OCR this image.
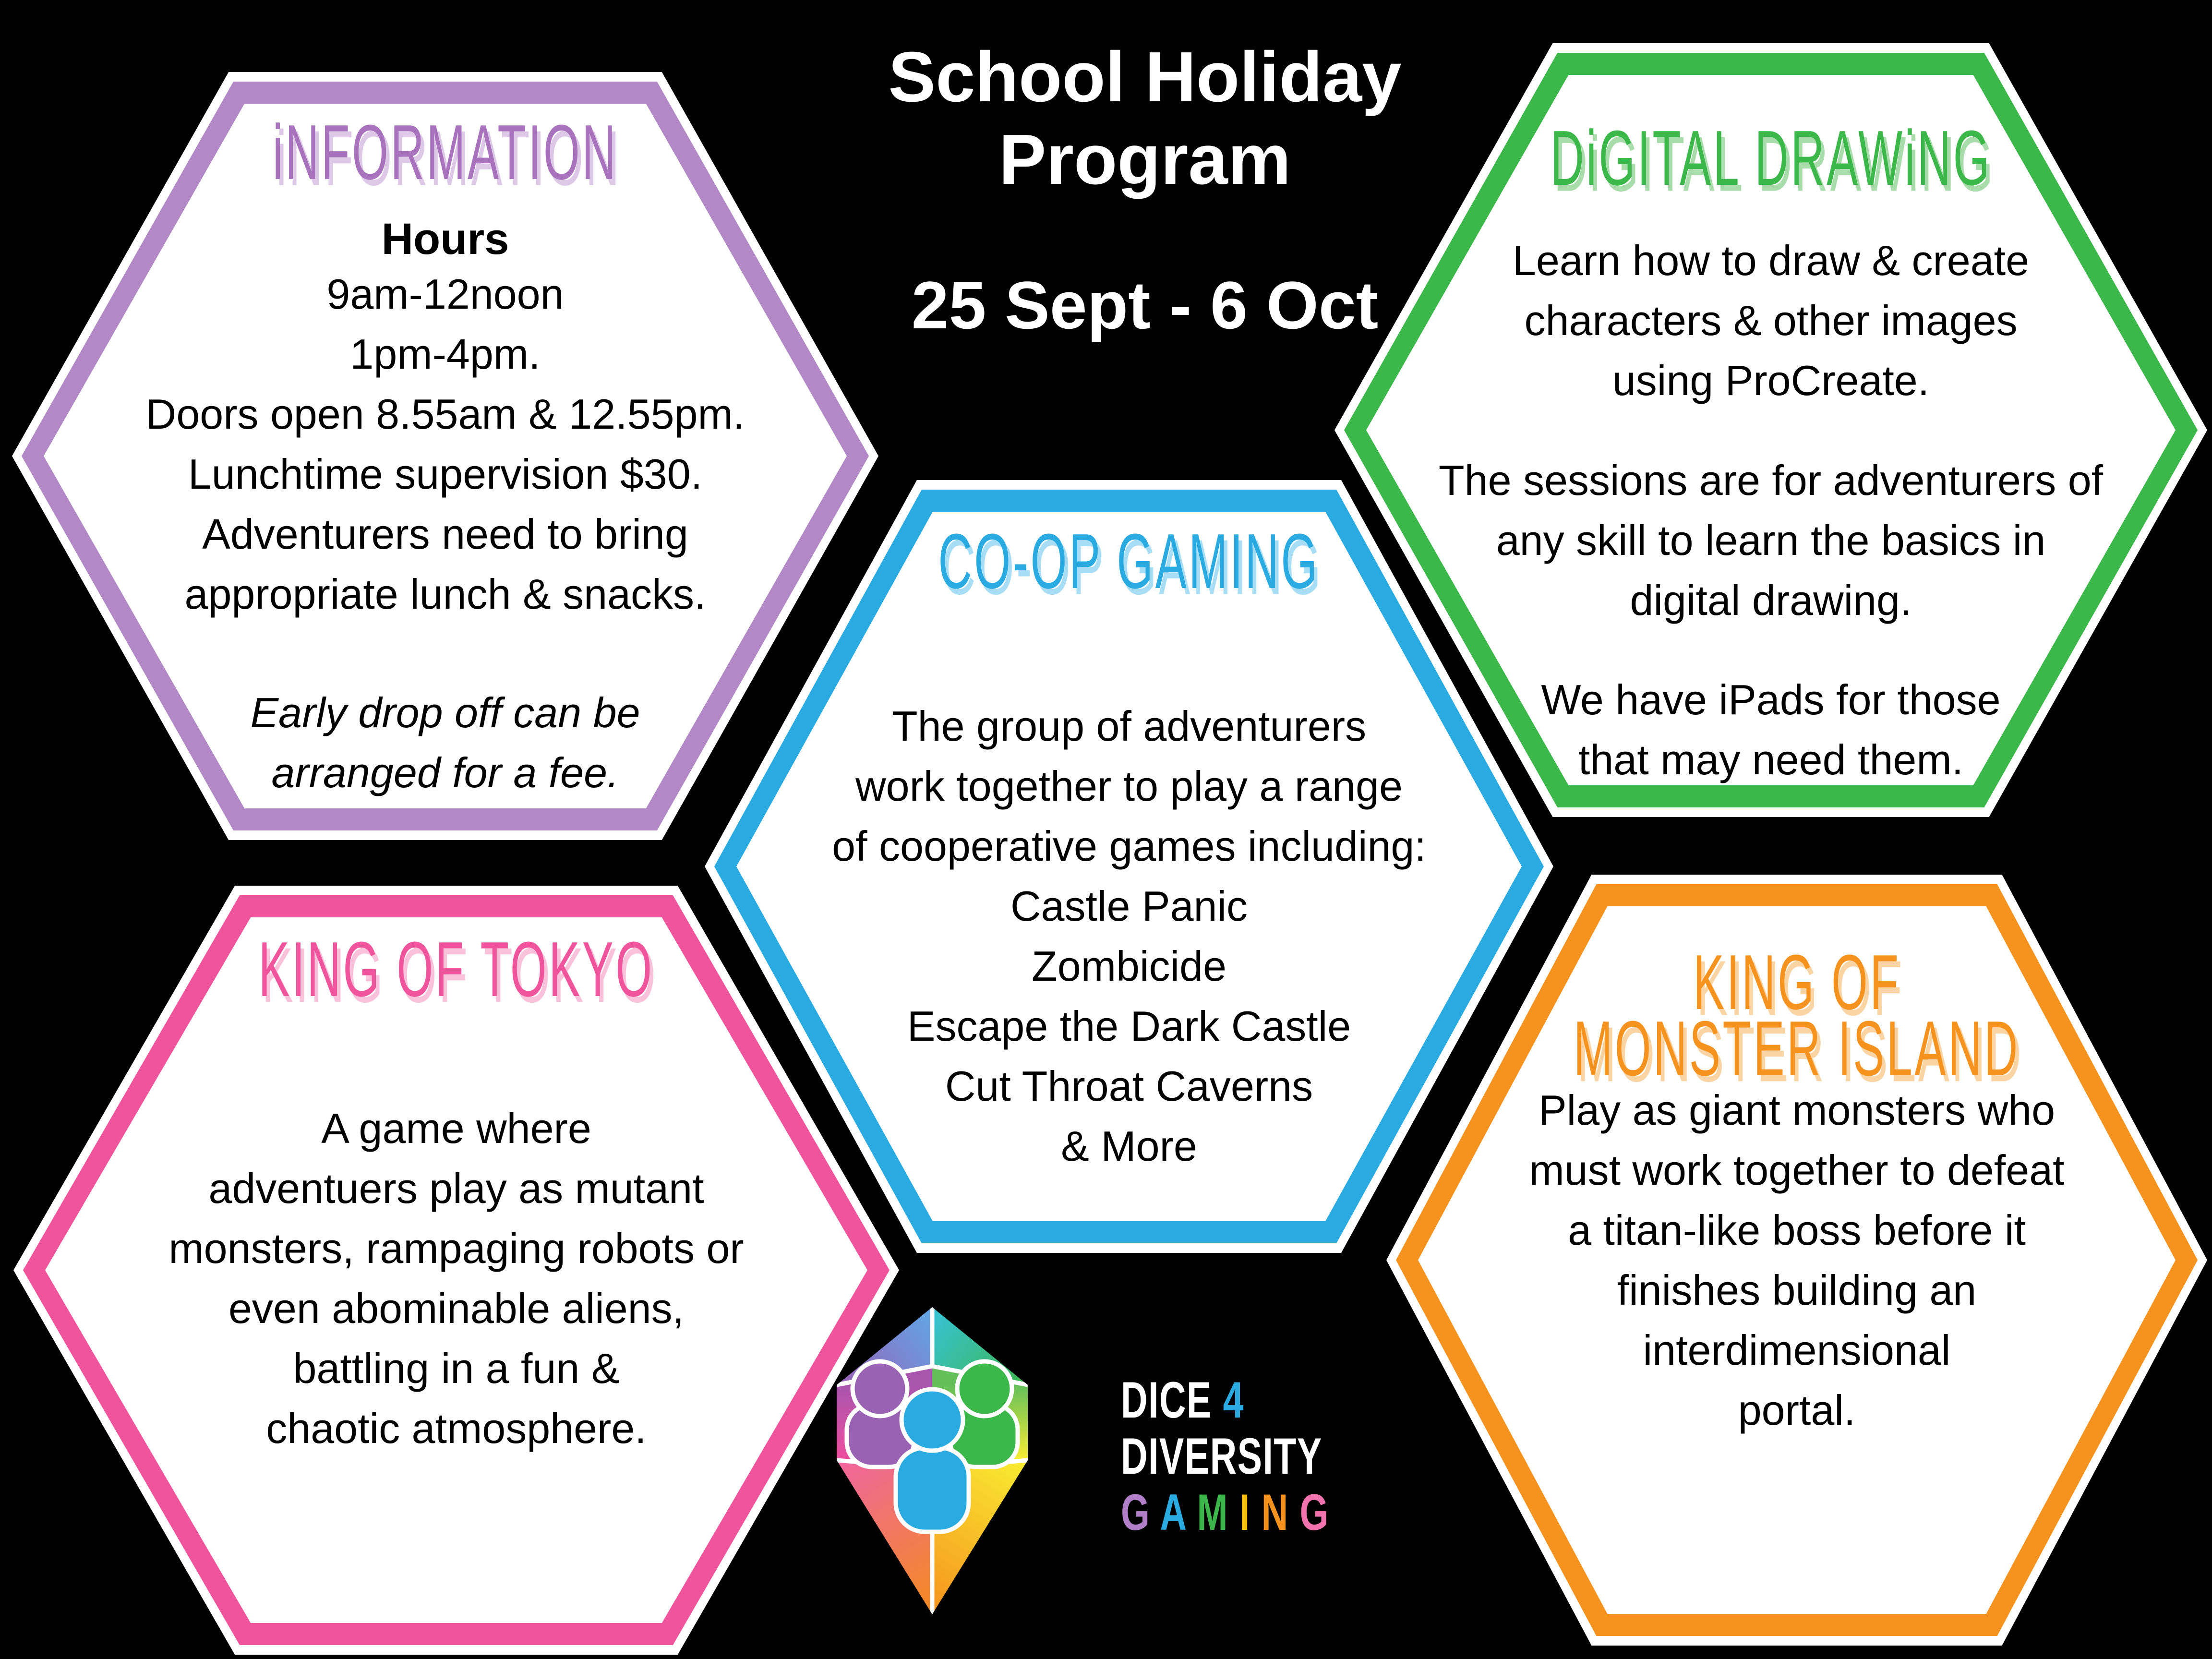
School Holiday
Program
25 Sept - 6 Oct
iNFORMATION
Hours
9am-12noon
1pm-4pm.
Doors open 8.55am & 12.55pm.
Lunchtime supervision $30.
Adventurers need to bring
appropriate lunch & snacks.
Early drop off can be
arranged for a fee.
DiGITAL DRAWiNG
Learn how to draw & create
characters & other images
using ProCreate.
The sessions are for adventurers of
any skill to learn the basics in
digital drawing.
We have iPads for those
that may need them.
CO-OP GAMING
The group of adventurers
work together to play a range
of cooperative games including:
Castle Panic
Zombicide
Escape the Dark Castle
Cut Throat Caverns
& More
KING OF TOKYO
A game where
adventuers play as mutant
monsters, rampaging robots or
even abominable aliens,
battling in a fun &
chaotic atmosphere.
KING OF
MONSTER ISLAND
Play as giant monsters who
must work together to defeat
a titan-like boss before it
finishes building an
interdimensional
portal.
DICE 4
DIVERSITY
G A M I N G
